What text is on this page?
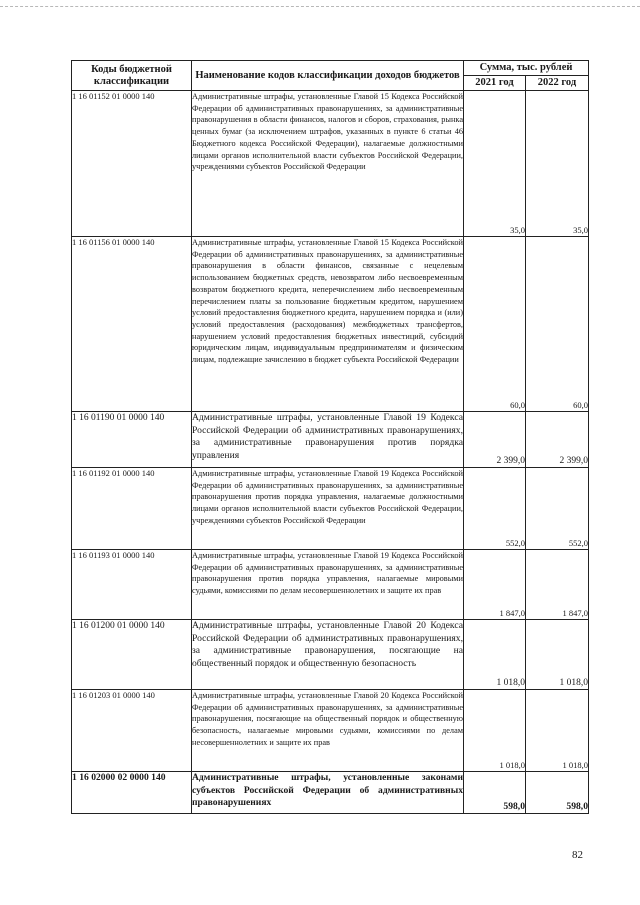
Коды бюджетной классификации	Наименование кодов классификации доходов бюджетов	Сумма, тыс. рублей	
		2021 год	2022 год
1 16 01152 01 0000 140	Административные штрафы, установленные Главой 15 Кодекса Российской Федерации об административных правонарушениях, за административные правонарушения в области финансов, налогов и сборов, страхования, рынка ценных бумаг (за исключением штрафов, указанных в пункте 6 статьи 46 Бюджетного кодекса Российской Федерации), налагаемые должностными лицами органов исполнительной власти субъектов Российской Федерации, учреждениями субъектов Российской Федерации	35,0	35,0
1 16 01156 01 0000 140	Административные штрафы, установленные Главой 15 Кодекса Российской Федерации об административных правонарушениях, за административные правонарушения в области финансов, связанные с нецелевым использованием бюджетных средств, невозвратом либо несвоевременным возвратом бюджетного кредита, неперечислением либо несвоевременным перечислением платы за пользование бюджетным кредитом, нарушением условий предоставления бюджетного кредита, нарушением порядка и (или) условий предоставления (расходования) межбюджетных трансфертов, нарушением условий предоставления бюджетных инвестиций, субсидий юридическим лицам, индивидуальным предпринимателям и физическим лицам, подлежащие зачислению в бюджет субъекта Российской Федерации	60,0	60,0
1 16 01190 01 0000 140	Административные штрафы, установленные Главой 19 Кодекса Российской Федерации об административных правонарушениях, за административные правонарушения против порядка управления	2 399,0	2 399,0
1 16 01192 01 0000 140	Административные штрафы, установленные Главой 19 Кодекса Российской Федерации об административных правонарушениях, за административные правонарушения против порядка управления, налагаемые должностными лицами органов исполнительной власти субъектов Российской Федерации, учреждениями субъектов Российской Федерации	552,0	552,0
1 16 01193 01 0000 140	Административные штрафы, установленные Главой 19 Кодекса Российской Федерации об административных правонарушениях, за административные правонарушения против порядка управления, налагаемые мировыми судьями, комиссиями по делам несовершеннолетних и защите их прав	1 847,0	1 847,0
1 16 01200 01 0000 140	Административные штрафы, установленные Главой 20 Кодекса Российской Федерации об административных правонарушениях, за административные правонарушения, посягающие на общественный порядок и общественную безопасность	1 018,0	1 018,0
1 16 01203 01 0000 140	Административные штрафы, установленные Главой 20 Кодекса Российской Федерации об административных правонарушениях, за административные правонарушения, посягающие на общественный порядок и общественную безопасность, налагаемые мировыми судьями, комиссиями по делам несовершеннолетних и защите их прав	1 018,0	1 018,0
1 16 02000 02 0000 140	Административные штрафы, установленные законами субъектов Российской Федерации об административных правонарушениях	598,0	598,0
82
